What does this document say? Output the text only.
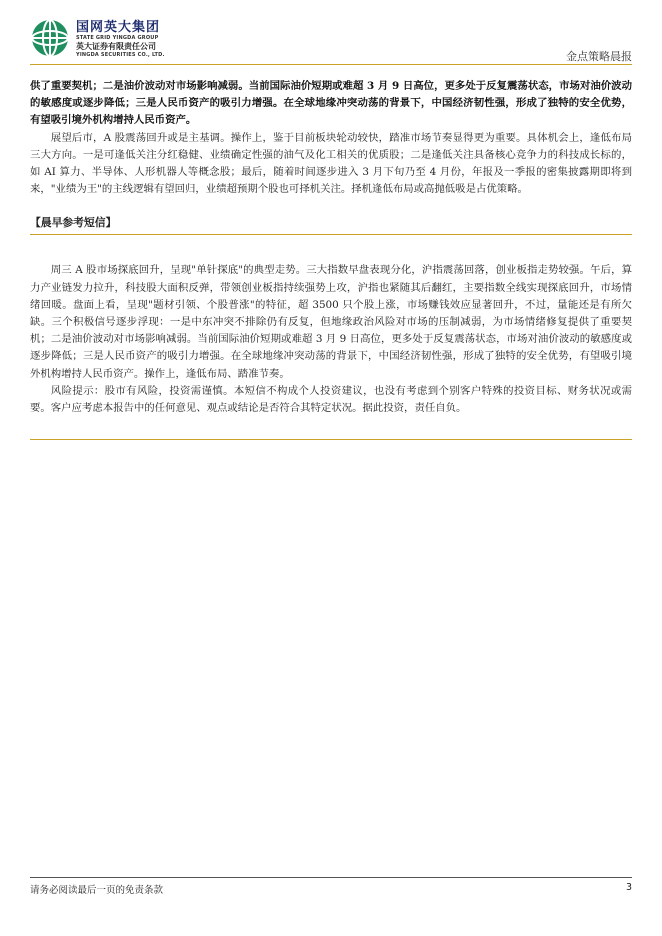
国网英大集团
STATE GRID YINGDA GROUP
英大证券有限责任公司
YINGDA SECURITIES CO., LTD.	金点策略晨报

供了重要契机；二是油价波动对市场影响减弱。当前国际油价短期或难超 3 月 9 日高位，更多处于反复震荡状态，市场对油价波动的敏感度或逐步降低；三是人民币资产的吸引力增强。在全球地缘冲突动荡的背景下，中国经济韧性强，形成了独特的安全优势，有望吸引境外机构增持人民币资产。

展望后市，A 股震荡回升或是主基调。操作上，鉴于目前板块轮动较快，踏准市场节奏显得更为重要。具体机会上，逢低布局三大方向。一是可逢低关注分红稳健、业绩确定性强的油气及化工相关的优质股；二是逢低关注具备核心竞争力的科技成长标的，如 AI 算力、半导体、人形机器人等概念股；最后，随着时间逐步进入 3 月下旬乃至 4 月份，年报及一季报的密集披露期即将到来，"业绩为王"的主线逻辑有望回归，业绩超预期个股也可择机关注。择机逢低布局或高抛低吸是占优策略。

【晨早参考短信】

周三 A 股市场探底回升，呈现"单针探底"的典型走势。三大指数早盘表现分化，沪指震荡回落，创业板指走势较强。午后，算力产业链发力拉升，科技股大面积反弹，带领创业板指持续强势上攻，沪指也紧随其后翻红，主要指数全线实现探底回升，市场情绪回暖。盘面上看，呈现"题材引领、个股普涨"的特征，超 3500 只个股上涨，市场赚钱效应显著回升，不过，量能还是有所欠缺。三个积极信号逐步浮现：一是中东冲突不排除仍有反复，但地缘政治风险对市场的压制减弱，为市场情绪修复提供了重要契机；二是油价波动对市场影响减弱。当前国际油价短期或难超 3 月 9 日高位，更多处于反复震荡状态，市场对油价波动的敏感度或逐步降低；三是人民币资产的吸引力增强。在全球地缘冲突动荡的背景下，中国经济韧性强，形成了独特的安全优势，有望吸引境外机构增持人民币资产。操作上，逢低布局、踏准节奏。

风险提示：股市有风险，投资需谨慎。本短信不构成个人投资建议，也没有考虑到个别客户特殊的投资目标、财务状况或需要。客户应考虑本报告中的任何意见、观点或结论是否符合其特定状况。据此投资，责任自负。

请务必阅读最后一页的免责条款	3
